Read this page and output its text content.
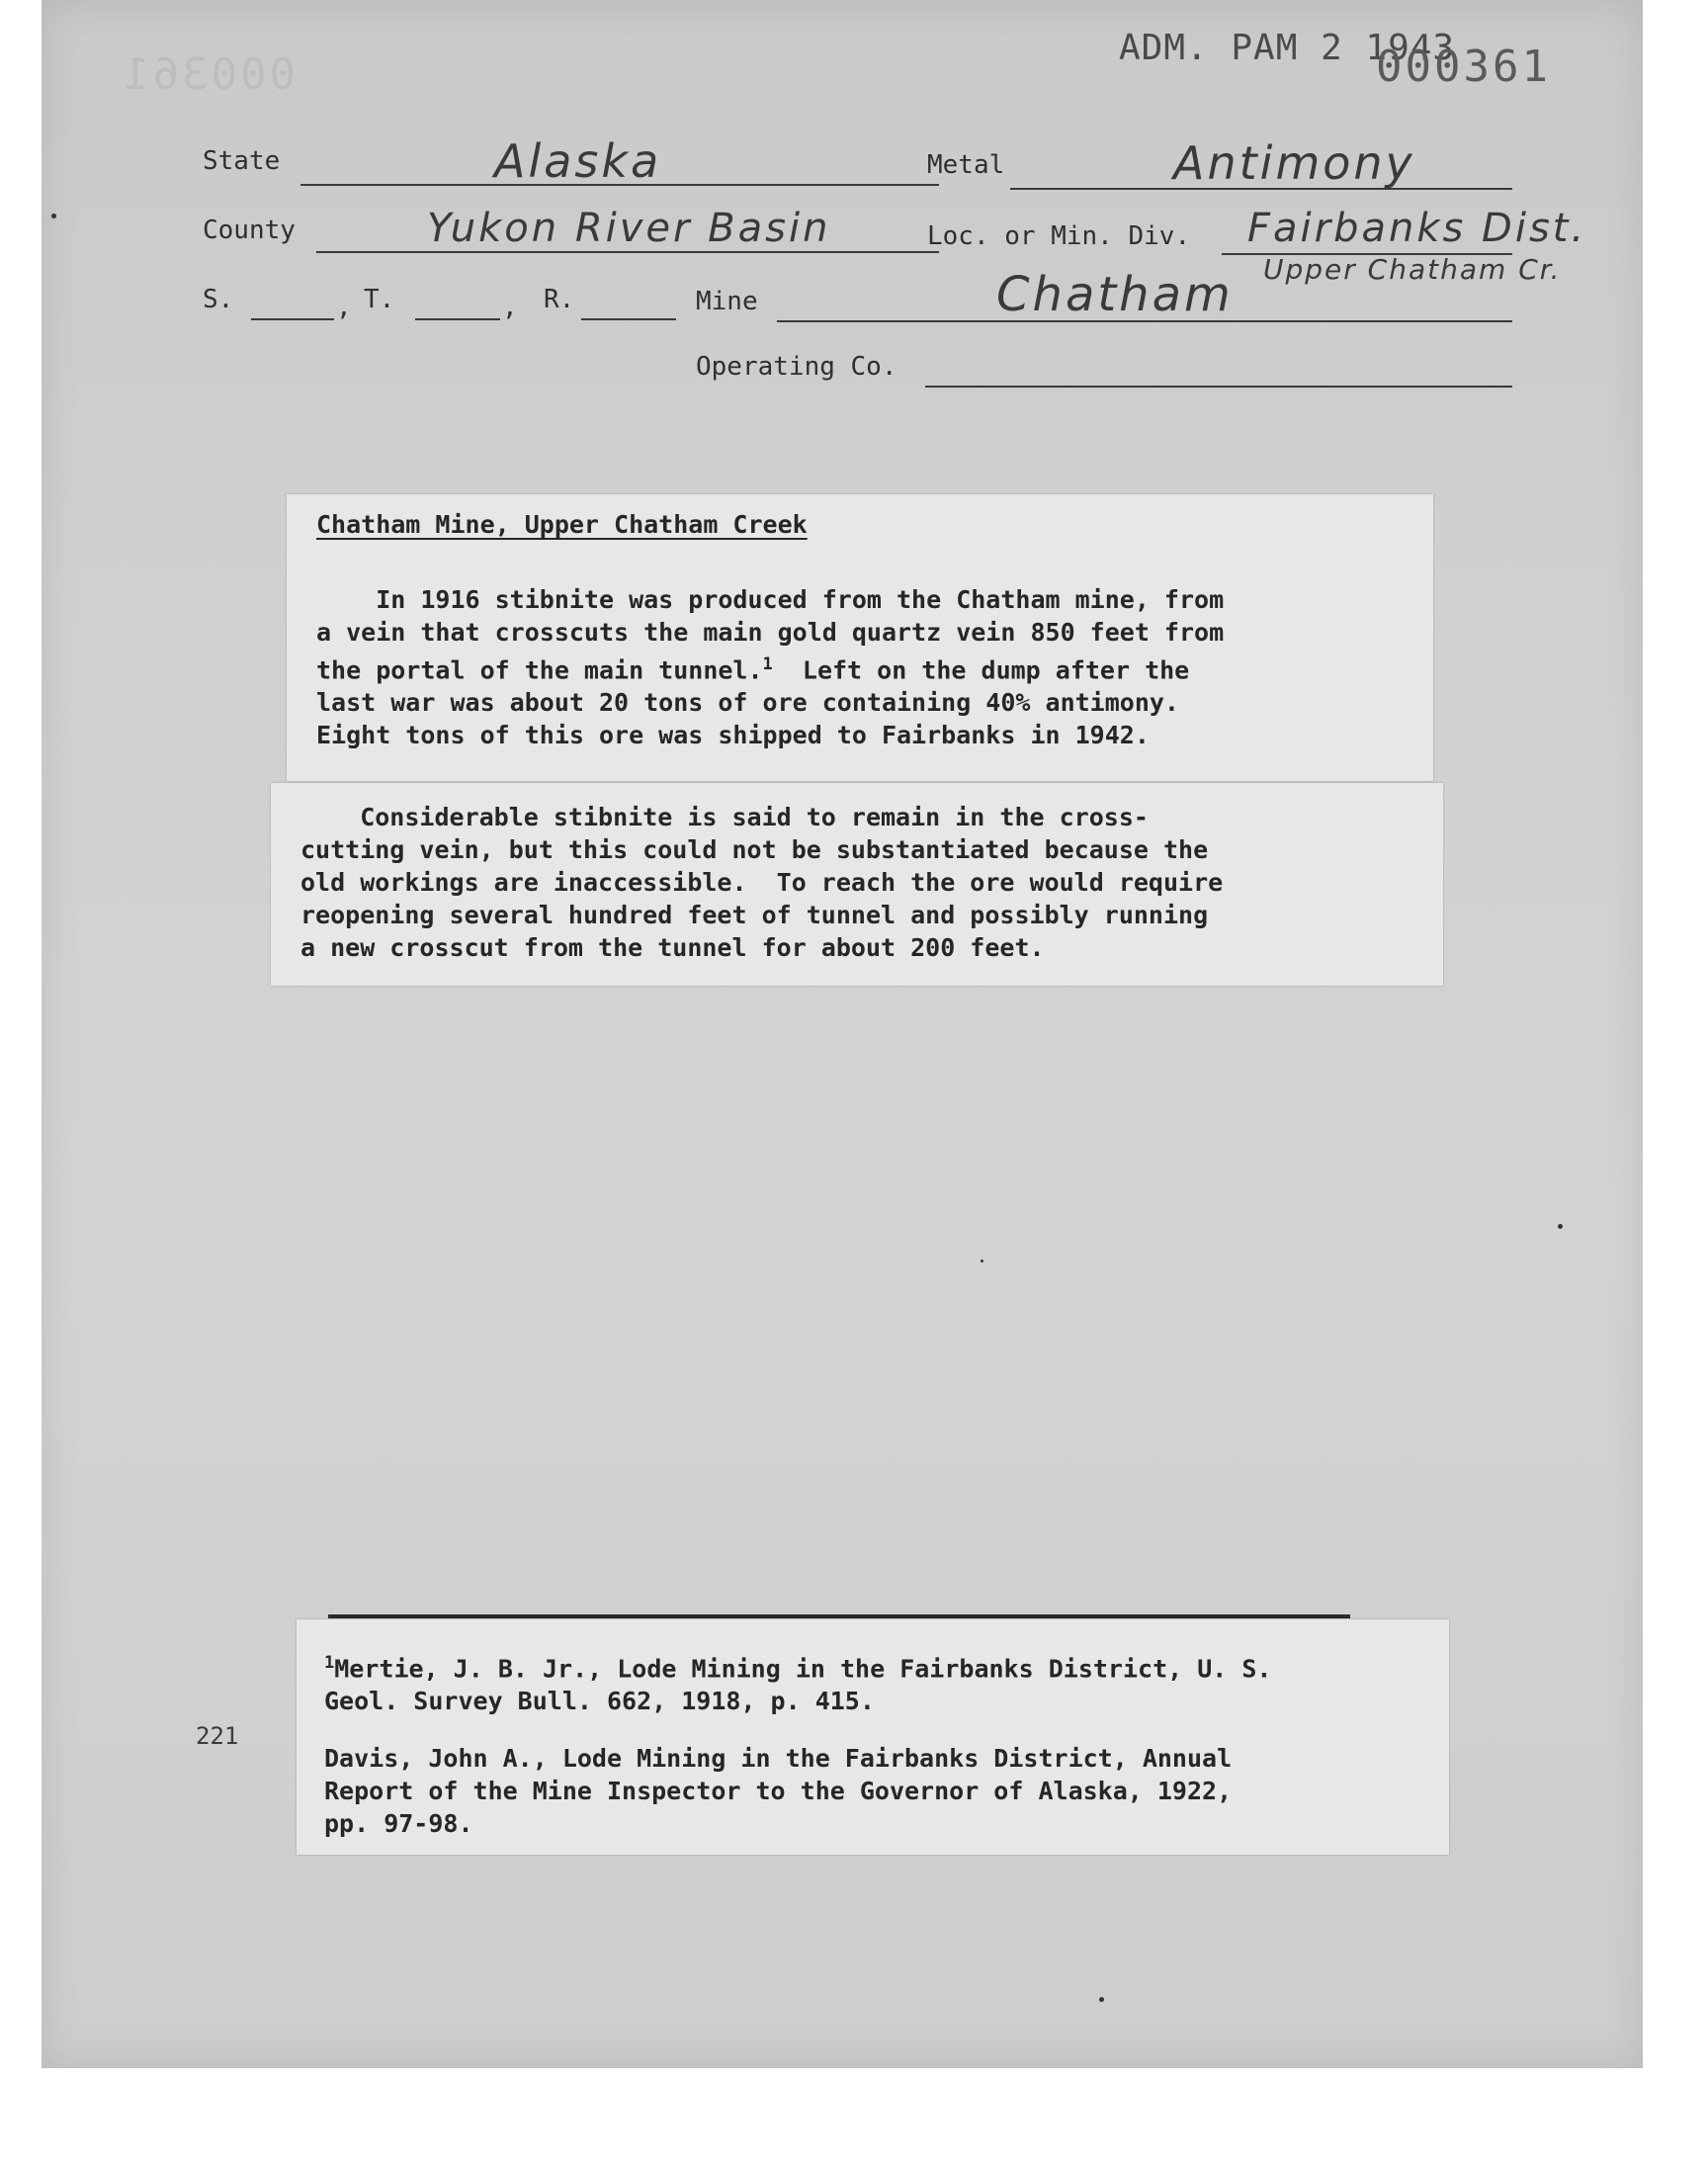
000361
ADM. PAM 2 1943
000361
State	Alaska	Metal	Antimony
County	Yukon River Basin	Loc. or Min. Div. Fairbanks Dist.
Upper Chatham Cr.
S.	, T.	, R.	Mine	Chatham
Operating Co.
Chatham Mine, Upper Chatham Creek

In 1916 stibnite was produced from the Chatham mine, from

a vein that crosscuts the main gold quartz vein 850 feet from

the portal of the main tunnel.$^1$  Left on the dump after the

last war was about 20 tons of ore containing 40% antimony.

Eight tons of this ore was shipped to Fairbanks in 1942.

Considerable stibnite is said to remain in the cross-

cutting vein, but this could not be substantiated because the

old workings are inaccessible.  To reach the ore would require

reopening several hundred feet of tunnel and possibly running

a new crosscut from the tunnel for about 200 feet.

$^1$Mertie, J. B. Jr., Lode Mining in the Fairbanks District, U. S.

Geol. Survey Bull. 662, 1918, p. 415.

Davis, John A., Lode Mining in the Fairbanks District, Annual

Report of the Mine Inspector to the Governor of Alaska, 1922,

pp. 97-98.

221
